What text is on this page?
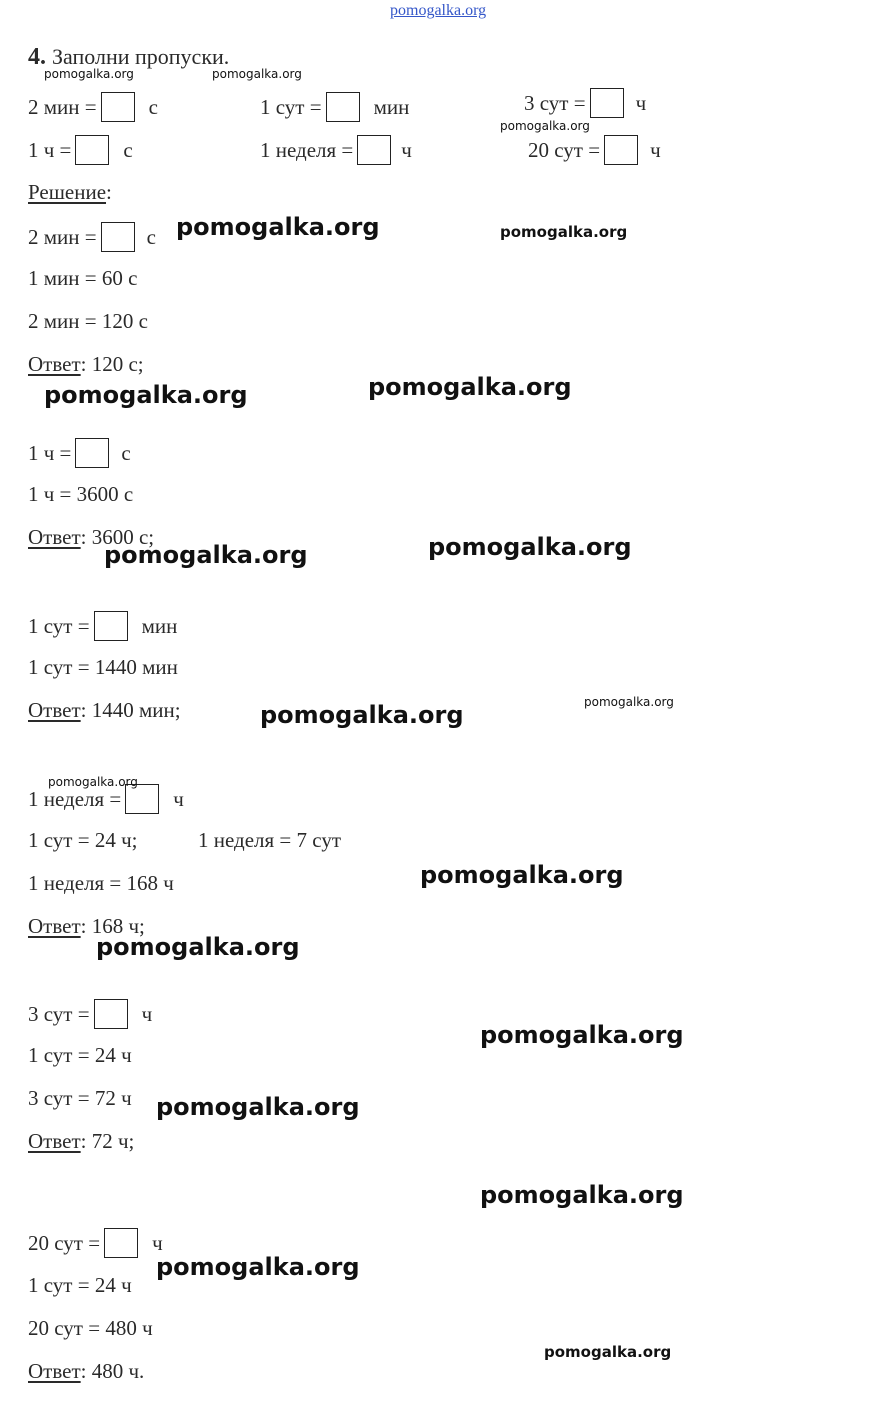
pomogalka.org
4. Заполни пропуски.
2 мин = с	1 сут = мин	3 сут = ч
1 ч = с	1 неделя = ч	20 сут = ч
Решение :
2 мин = с
1 мин = 60 с
2 мин = 120 с
Ответ : 120 с;
1 ч = с
1 ч = 3600 с
Ответ : 3600 с;
1 сут = мин
1 сут = 1440 мин
Ответ : 1440 мин;
1 неделя = ч
1 сут = 24 ч;	1 неделя = 7 сут
1 неделя = 168 ч
Ответ : 168 ч;
3 сут = ч
1 сут = 24 ч
3 сут = 72 ч
Ответ : 72 ч;
20 сут = ч
1 сут = 24 ч
20 сут = 480 ч
Ответ : 480 ч.
pomogalka.org	pomogalka.org
pomogalka.org
pomogalka.org	pomogalka.org
pomogalka.org
pomogalka.org
pomogalka.org
pomogalka.org
pomogalka.org
pomogalka.org
pomogalka.org
pomogalka.org
pomogalka.org
pomogalka.org
pomogalka.org
pomogalka.org
pomogalka.org
pomogalka.org
